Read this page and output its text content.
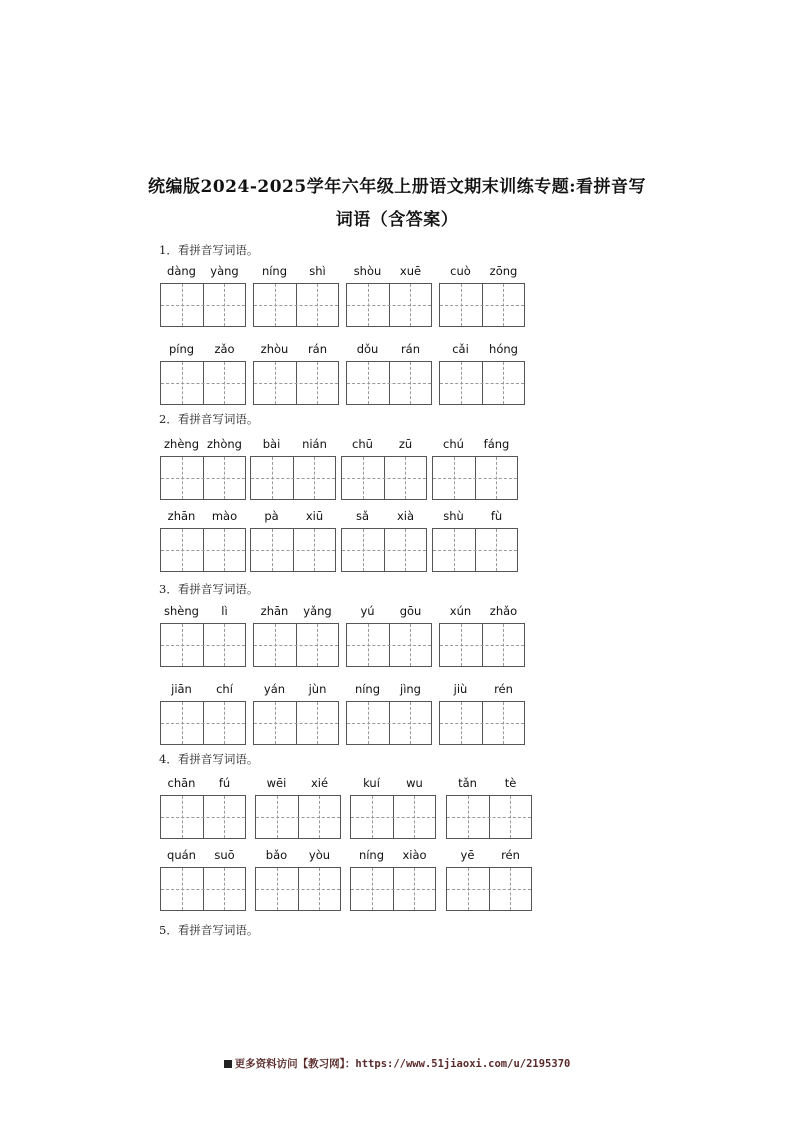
统编版2024-2025学年六年级上册语文期末训练专题:看拼音写
词语（含答案）
1．看拼音写词语。
dàng	yàng	níng	shì	shòu	xuē	cuò	zōng
píng	zǎo	zhòu	rán	dǒu	rán	cǎi	hóng
2．看拼音写词语。
zhèng zhòng	bài	nián	chū	zū	chú	fáng
zhān	mào	pà	xiū	sǎ	xià	shù	fù
3．看拼音写词语。
shèng	lì	zhān	yǎng	yú	gōu	xún	zhǎo
jiān	chí	yán	jùn	níng	jìng	jiù	rén
4．看拼音写词语。
chān	fú	wēi	xié	kuí	wu	tǎn	tè
quán	suō	bǎo	yòu	níng	xiào	yē	rén
5．看拼音写词语。
更多资料访问【教习网】：https://www.51jiaoxi.com/u/2195370
